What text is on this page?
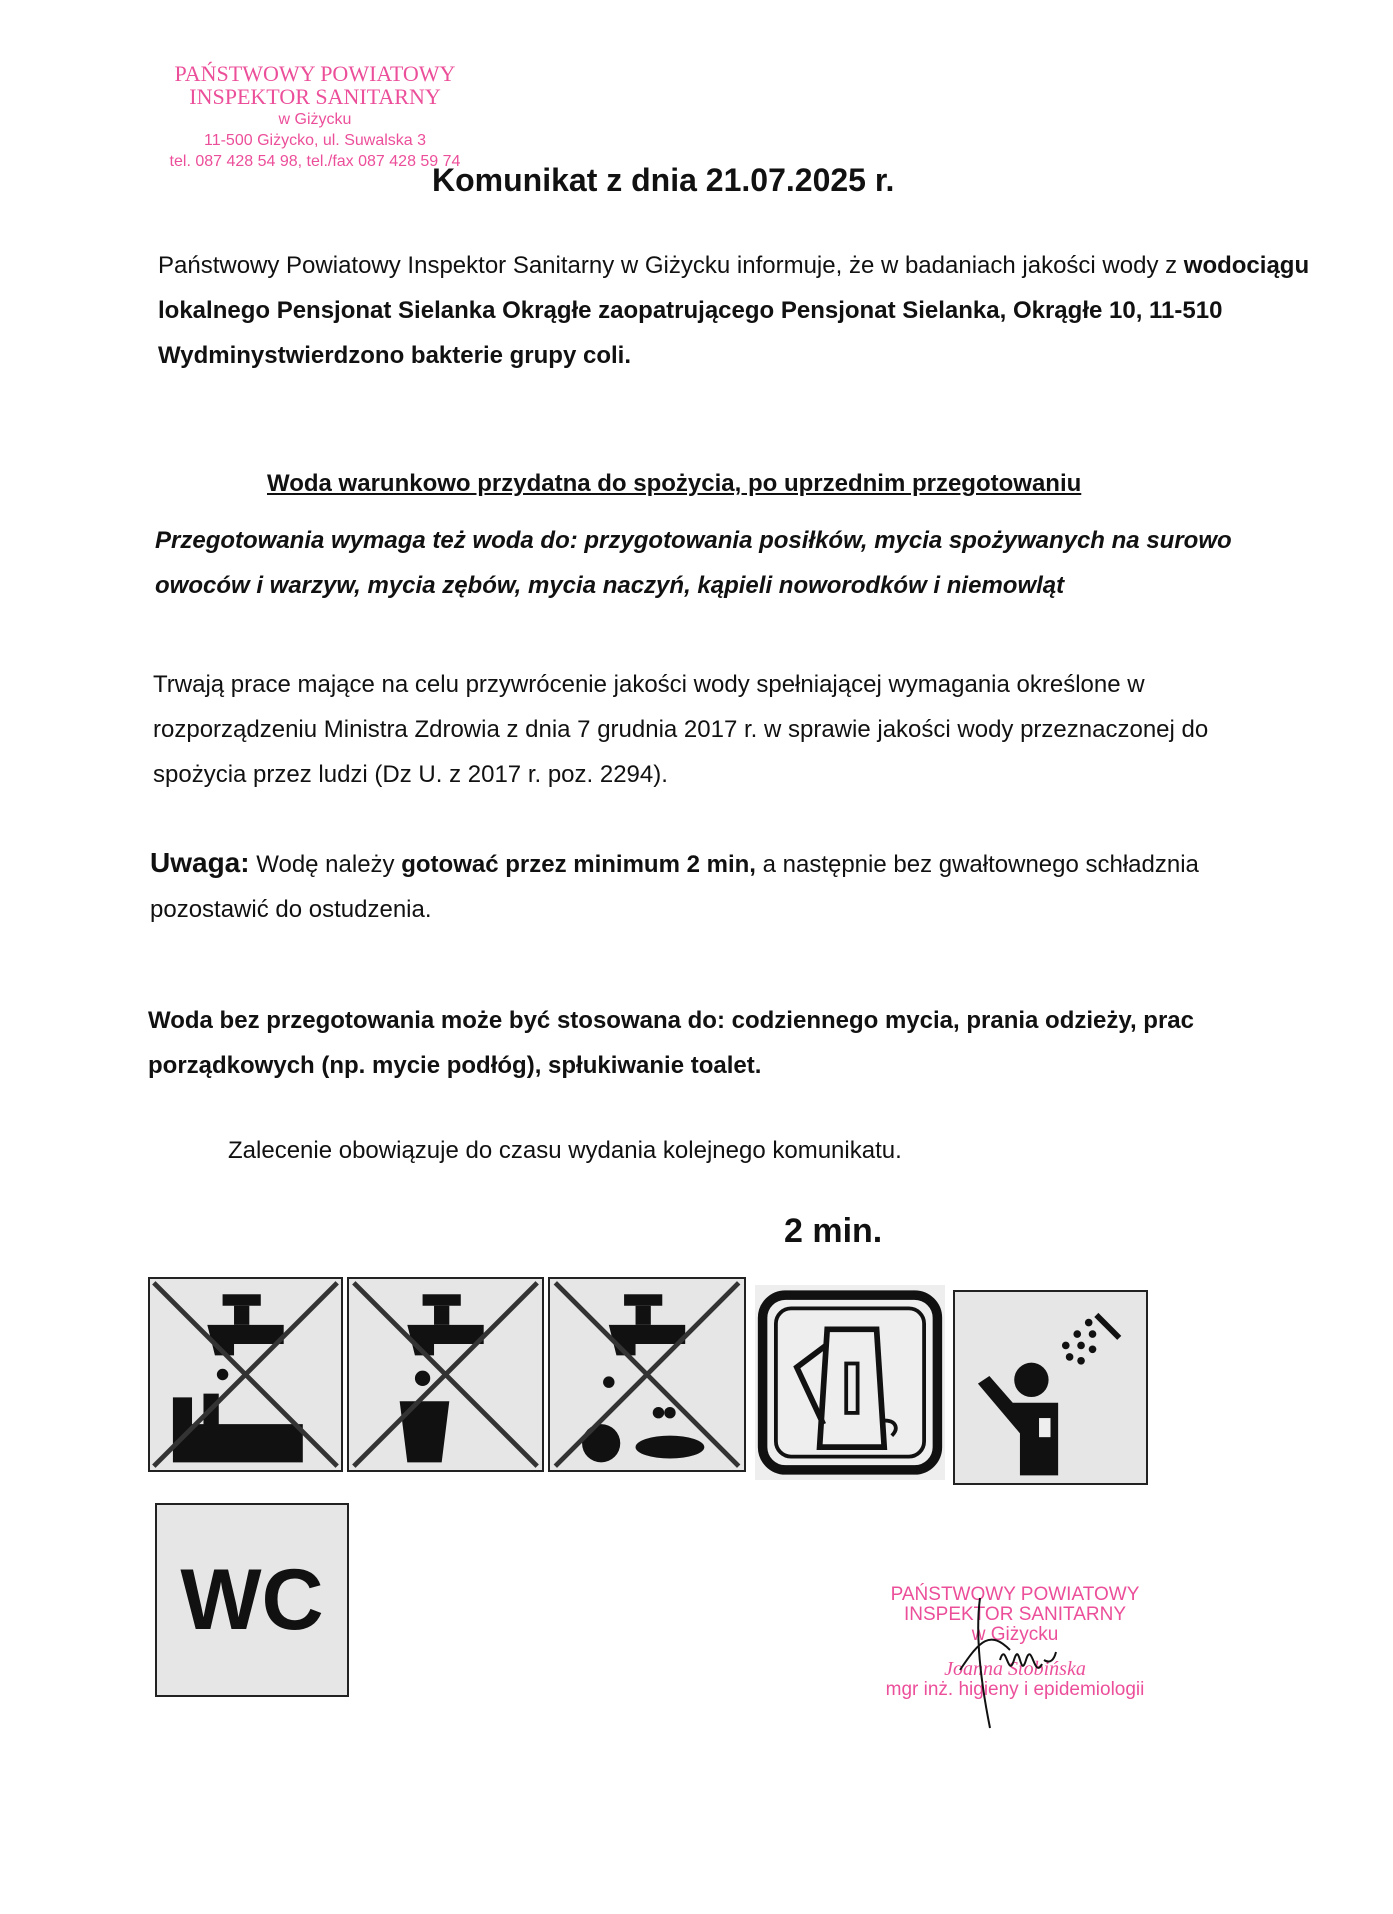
PAŃSTWOWY POWIATOWY
INSPEKTOR SANITARNY
w Giżycku
11-500 Giżycko, ul. Suwalska 3
tel. 087 428 54 98, tel./fax 087 428 59 74
Komunikat z dnia 21.07.2025 r.
Państwowy Powiatowy Inspektor Sanitarny w Giżycku informuje, że w badaniach jakości wody z wodociągu lokalnego Pensjonat Sielanka Okrągłe zaopatrującego Pensjonat Sielanka, Okrągłe 10, 11-510 Wydminystwierdzono bakterie grupy coli.
Woda warunkowo przydatna do spożycia, po uprzednim przegotowaniu
Przegotowania wymaga też woda do: przygotowania posiłków, mycia spożywanych na surowo owoców i warzyw, mycia zębów, mycia naczyń, kąpieli noworodków i niemowląt
Trwają prace mające na celu przywrócenie jakości wody spełniającej wymagania określone w rozporządzeniu Ministra Zdrowia z dnia 7 grudnia 2017 r. w sprawie jakości wody przeznaczonej do spożycia przez ludzi (Dz U. z 2017 r. poz. 2294).
Uwaga: Wodę należy gotować przez minimum 2 min, a następnie bez gwałtownego schładznia pozostawić do ostudzenia.
Woda bez przegotowania może być stosowana do: codziennego mycia, prania odzieży, prac porządkowych (np. mycie podłóg), spłukiwanie toalet.
Zalecenie obowiązuje do czasu wydania kolejnego komunikatu.
2 min.
WC	PAŃSTWOWY POWIATOWY
INSPEKTOR SANITARNY
w Giżycku
Joanna Stobińska
mgr inż. higieny i epidemiologii
